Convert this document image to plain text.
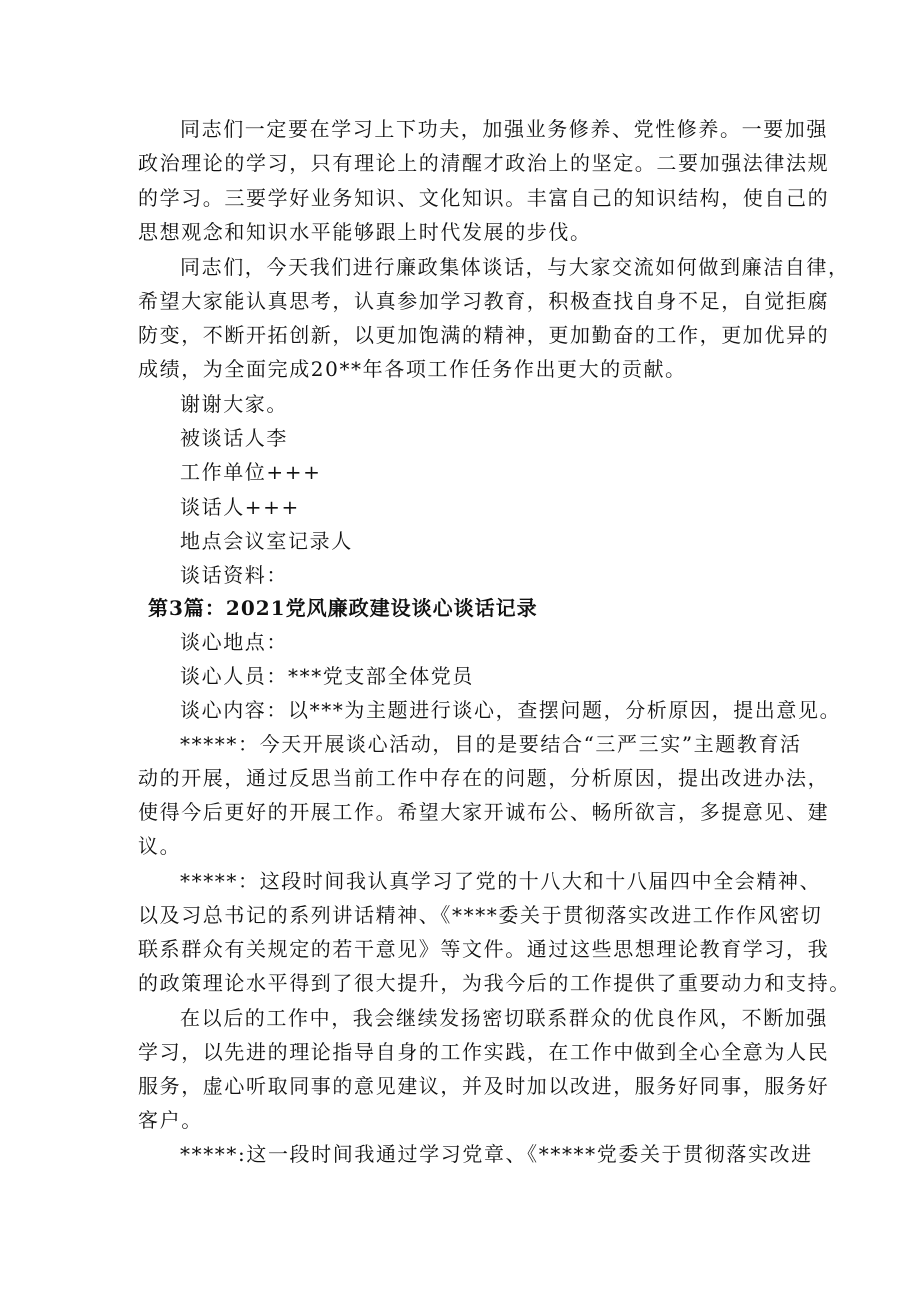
同志们一定要在学习上下功夫，加强业务修养、党性修养。一要加强
政治理论的学习，只有理论上的清醒才政治上的坚定。二要加强法律法规
的学习。三要学好业务知识、文化知识。丰富自己的知识结构，使自己的
思想观念和知识水平能够跟上时代发展的步伐。
同志们，今天我们进行廉政集体谈话，与大家交流如何做到廉洁自律，
希望大家能认真思考，认真参加学习教育，积极查找自身不足，自觉拒腐
防变，不断开拓创新，以更加饱满的精神，更加勤奋的工作，更加优异的
成绩，为全面完成20**年各项工作任务作出更大的贡献。
谢谢大家。
被谈话人李
工作单位+++
谈话人+++
地点会议室记录人
谈话资料：
第3篇：2021党风廉政建设谈心谈话记录
谈心地点：
谈心人员：***党支部全体党员
谈心内容：以***为主题进行谈心，查摆问题，分析原因，提出意见。
*****：今天开展谈心活动，目的是要结合“三严三实”主题教育活
动的开展，通过反思当前工作中存在的问题，分析原因，提出改进办法，
使得今后更好的开展工作。希望大家开诚布公、畅所欲言，多提意见、建
议。
*****：这段时间我认真学习了党的十八大和十八届四中全会精神、
以及习总书记的系列讲话精神、《****委关于贯彻落实改进工作作风密切
联系群众有关规定的若干意见》等文件。通过这些思想理论教育学习，我
的政策理论水平得到了很大提升，为我今后的工作提供了重要动力和支持。
在以后的工作中，我会继续发扬密切联系群众的优良作风，不断加强
学习，以先进的理论指导自身的工作实践，在工作中做到全心全意为人民
服务，虚心听取同事的意见建议，并及时加以改进，服务好同事，服务好
客户。
*****:这一段时间我通过学习党章、《*****党委关于贯彻落实改进
